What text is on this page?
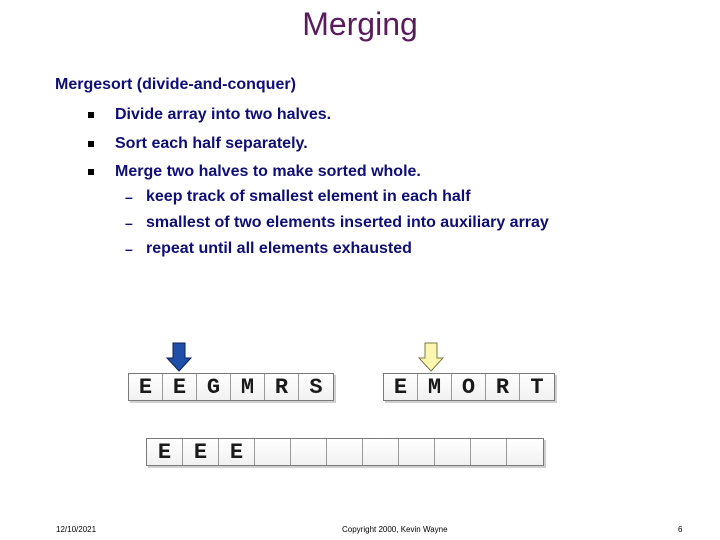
Merging
Mergesort (divide-and-conquer)
Divide array into two halves.
Sort each half separately.
Merge two halves to make sorted whole.
– keep track of smallest element in each half
– smallest of two elements inserted into auxiliary array
– repeat until all elements exhausted
E E G M R S	E M O R T
E	E	E
12/10/2021	Copyright 2000, Kevin Wayne	6
